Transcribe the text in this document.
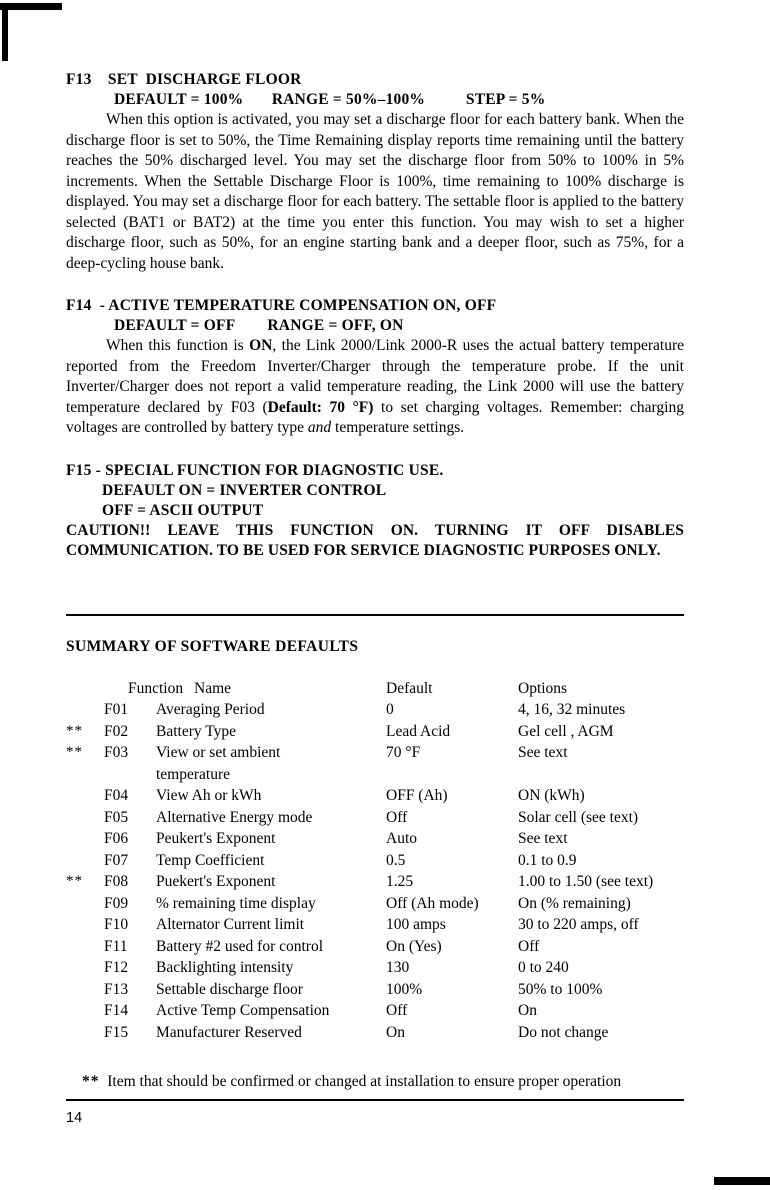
F13    SET  DISCHARGE FLOOR
DEFAULT = 100%       RANGE = 50%–100%          STEP = 5%

When this option is activated, you may set a discharge floor for each battery bank. When the discharge floor is set to 50%, the Time Remaining display reports time remaining until the battery reaches the 50% discharged level. You may set the discharge floor from 50% to 100% in 5% increments. When the Settable Discharge Floor is 100%, time remaining to 100% discharge is displayed. You may set a discharge floor for each battery. The settable floor is applied to the battery selected (BAT1 or BAT2) at the time you enter this function. You may wish to set a higher discharge floor, such as 50%, for an engine starting bank and a deeper floor, such as 75%, for a deep-cycling house bank.

F14  - ACTIVE TEMPERATURE COMPENSATION ON, OFF
DEFAULT = OFF        RANGE = OFF, ON

When this function is ON, the Link 2000/Link 2000-R uses the actual battery temperature reported from the Freedom Inverter/Charger through the temperature probe. If the unit Inverter/Charger does not report a valid temperature reading, the Link 2000 will use the battery temperature declared by F03 (Default: 70 °F) to set charging voltages. Remember: charging voltages are controlled by battery type and temperature settings.

F15 - SPECIAL FUNCTION FOR DIAGNOSTIC USE.
DEFAULT ON = INVERTER CONTROL
OFF = ASCII OUTPUT

CAUTION!! LEAVE THIS FUNCTION ON. TURNING IT OFF DISABLES COMMUNICATION. TO BE USED FOR SERVICE DIAGNOSTIC PURPOSES ONLY.

SUMMARY OF SOFTWARE DEFAULTS
	Function	Name	Default	Options
	F01	Averaging Period	0	4, 16, 32 minutes
**	F02	Battery Type	Lead Acid	Gel cell , AGM
**	F03	View or set ambient	70 °F	See text
		temperature		
	F04	View Ah or kWh	OFF (Ah)	ON (kWh)
	F05	Alternative Energy mode	Off	Solar cell (see text)
	F06	Peukert's Exponent	Auto	See text
	F07	Temp Coefficient	0.5	0.1 to 0.9
**	F08	Puekert's Exponent	1.25	1.00 to 1.50 (see text)
	F09	% remaining time display	Off (Ah mode)	On (% remaining)
	F10	Alternator Current limit	100 amps	30 to 220 amps, off
	F11	Battery #2 used for control	On (Yes)	Off
	F12	Backlighting intensity	130	0 to 240
	F13	Settable discharge floor	100%	50% to 100%
	F14	Active Temp Compensation	Off	On
	F15	Manufacturer Reserved	On	Do not change
**  Item that should be confirmed or changed at installation to ensure proper operation
14
